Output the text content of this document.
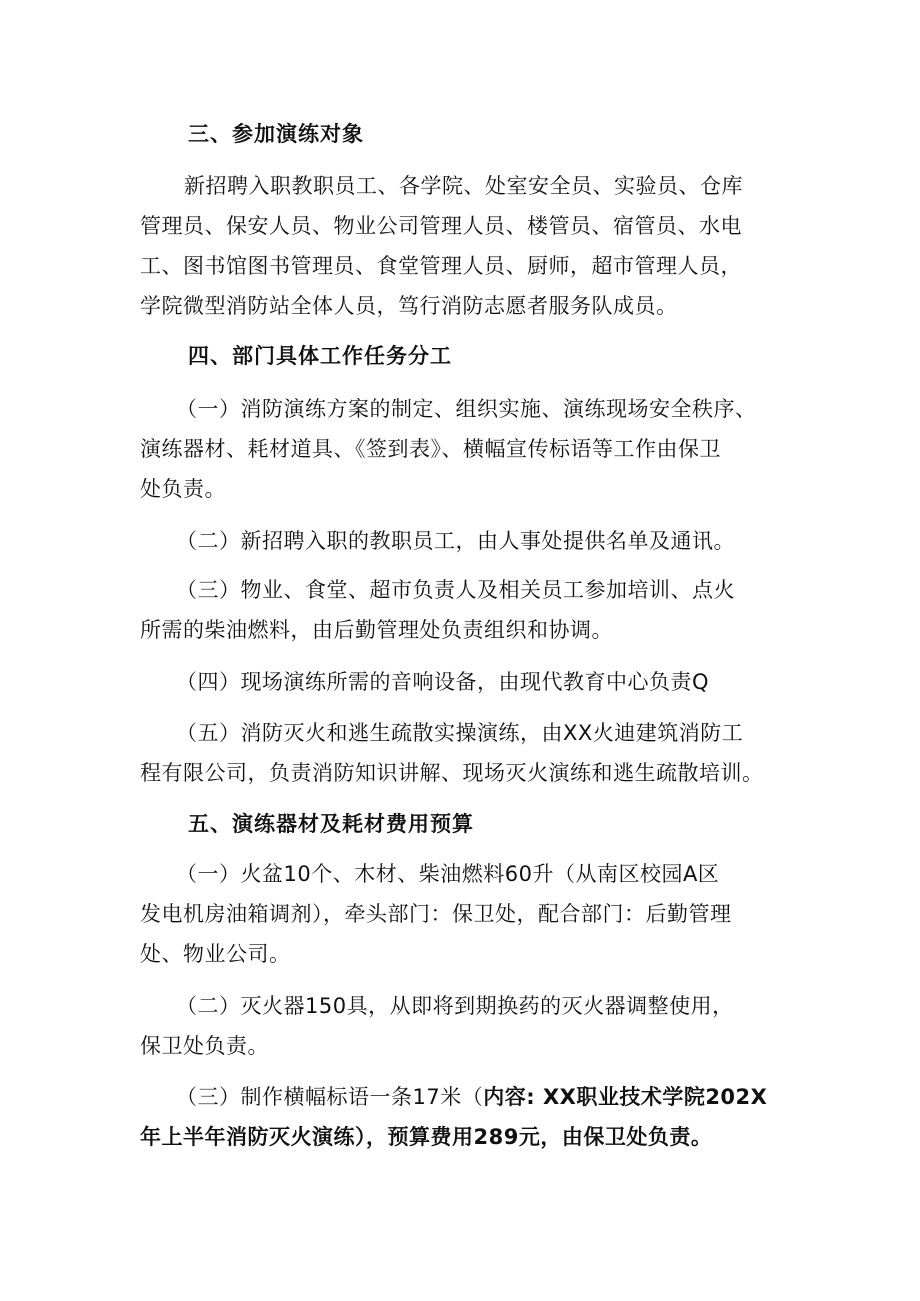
三、参加演练对象
新招聘入职教职员工、各学院、处室安全员、实验员、仓库
管理员、保安人员、物业公司管理人员、楼管员、宿管员、水电
工、图书馆图书管理员、食堂管理人员、厨师，超市管理人员，
学院微型消防站全体人员，笃行消防志愿者服务队成员。
四、部门具体工作任务分工
（一）消防演练方案的制定、组织实施、演练现场安全秩序、
演练器材、耗材道具、《签到表》、横幅宣传标语等工作由保卫
处负责。
（二）新招聘入职的教职员工，由人事处提供名单及通讯。
（三）物业、食堂、超市负责人及相关员工参加培训、点火
所需的柴油燃料，由后勤管理处负责组织和协调。
（四）现场演练所需的音响设备，由现代教育中心负责Q
（五）消防灭火和逃生疏散实操演练，由XX火迪建筑消防工
程有限公司，负责消防知识讲解、现场灭火演练和逃生疏散培训。
五、演练器材及耗材费用预算
（一）火盆10个、木材、柴油燃料60升（从南区校园A区
发电机房油箱调剂），牵头部门：保卫处，配合部门：后勤管理
处、物业公司。
（二）灭火器150具，从即将到期换药的灭火器调整使用，
保卫处负责。
（三）制作横幅标语一条17米（内容: XX职业技术学院202X
年上半年消防灭火演练），预算费用289元，由保卫处负责。
